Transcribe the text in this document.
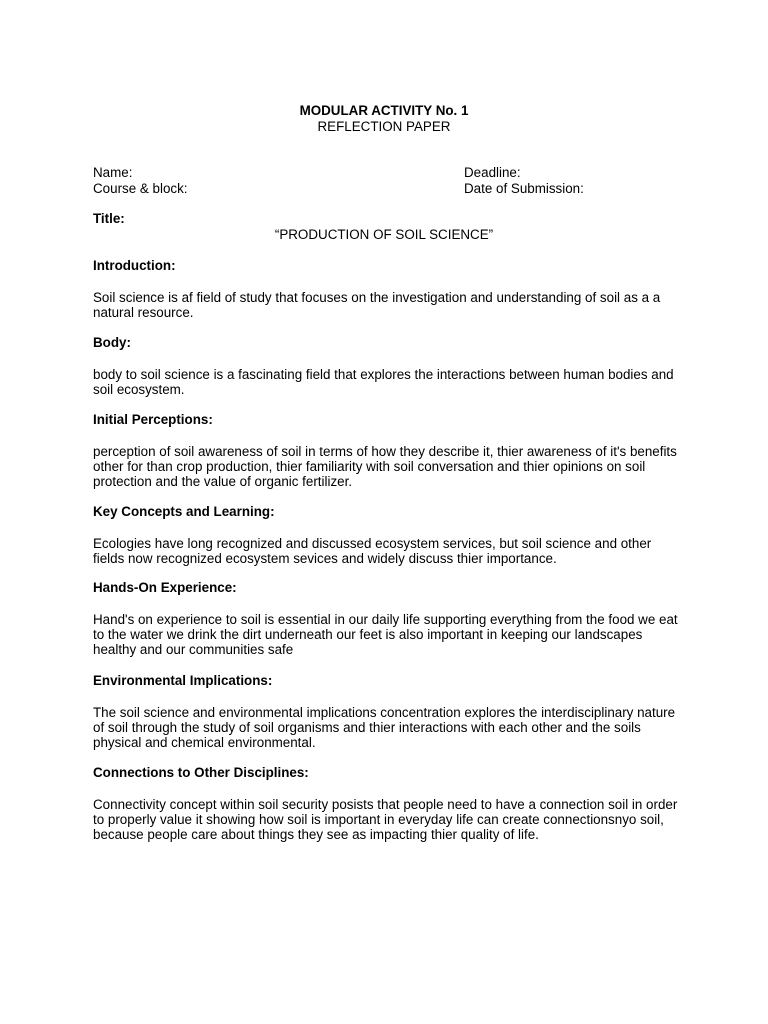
MODULAR ACTIVITY No. 1
REFLECTION PAPER
Name:
Course & block:
Deadline:
Date of Submission:
Title:
“PRODUCTION OF SOIL SCIENCE”
Introduction:
Soil science is af field of study that focuses on the investigation and understanding of soil as a a natural resource.
Body:
body to soil science is a fascinating field that explores the interactions between human bodies and soil ecosystem.
Initial Perceptions:
perception of soil awareness of soil in terms of how they describe it, thier awareness of it's benefits other for than crop production, thier familiarity with soil conversation and thier opinions on soil protection and the value of organic fertilizer.
Key Concepts and Learning:
Ecologies have long recognized and discussed ecosystem services, but soil science and other fields now recognized ecosystem sevices and widely discuss thier importance.
Hands-On Experience:
Hand's on experience to soil is essential in our daily life supporting everything from the food we eat to the water we drink the dirt underneath our feet is also important in keeping our landscapes healthy and our communities safe
Environmental Implications:
The soil science and environmental implications concentration explores the interdisciplinary nature of soil through the study of soil organisms and thier interactions with each other and the soils physical and chemical environmental.
Connections to Other Disciplines:
Connectivity concept within soil security posists that people need to have a connection soil in order to properly value it showing how soil is important in everyday life can create connectionsnyo soil, because people care about things they see as impacting thier quality of life.
